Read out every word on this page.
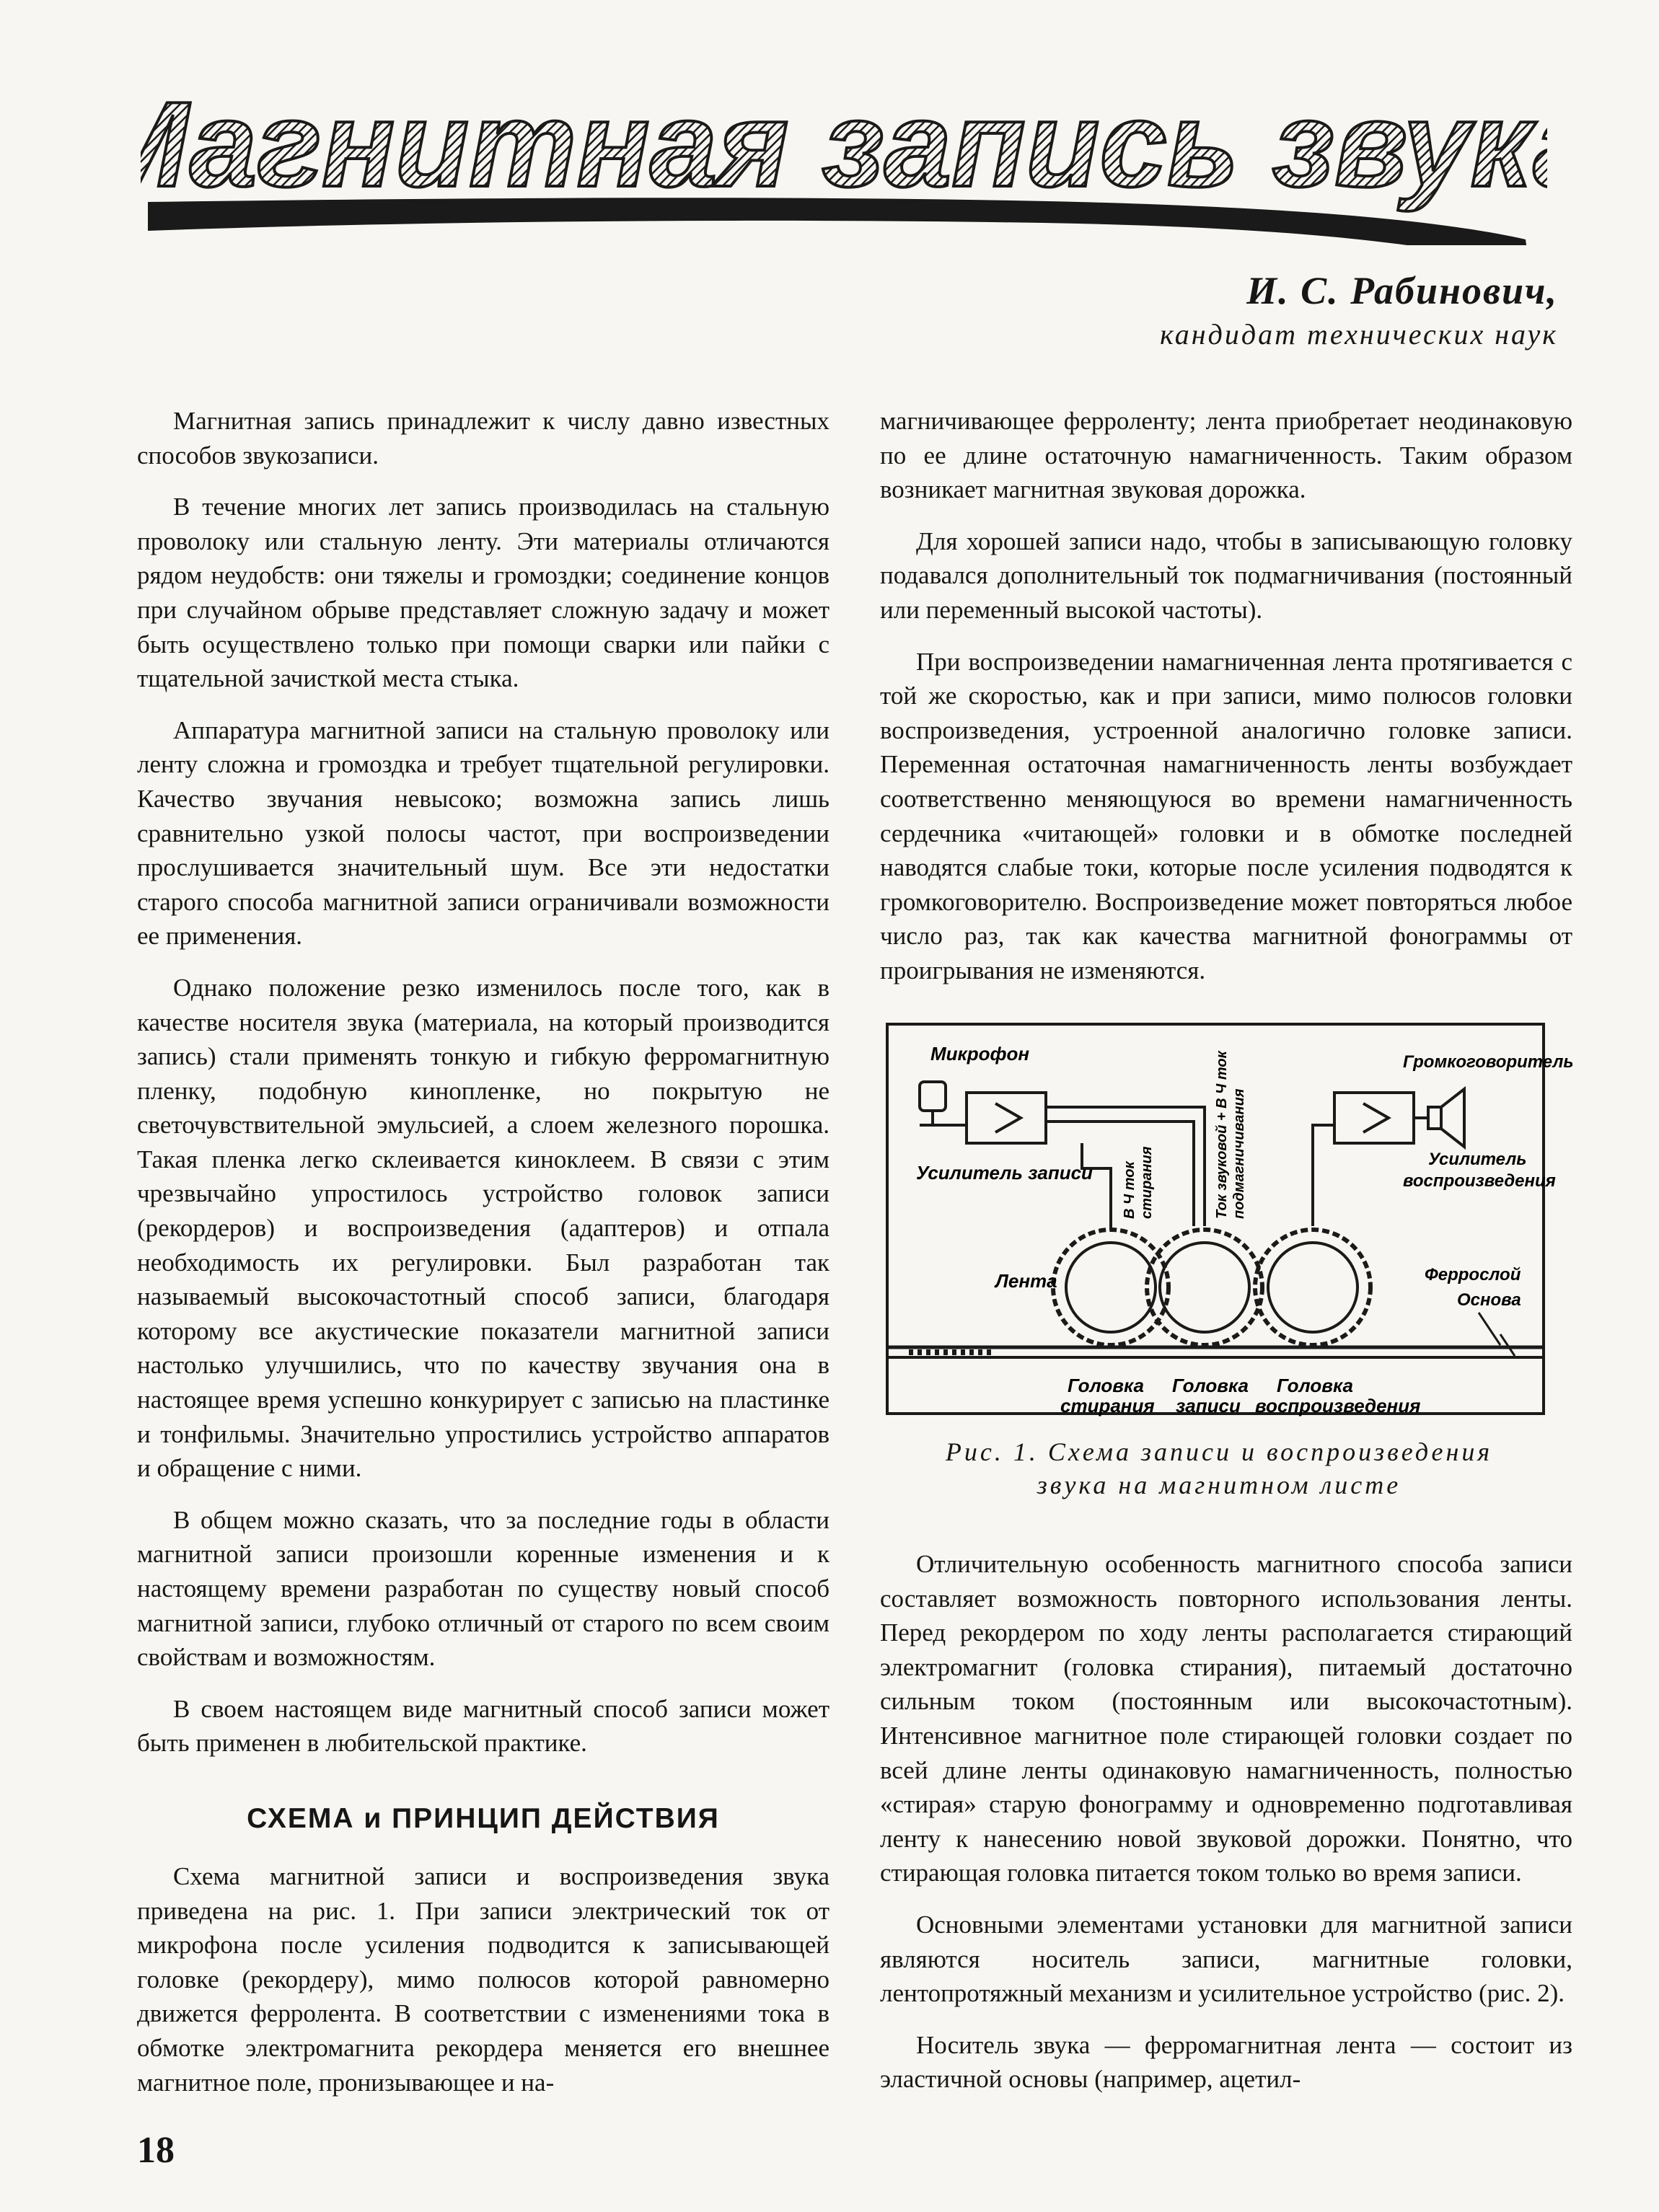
Магнитная запись звука
И. С. Рабинович,
кандидат технических наук

Магнитная запись принадлежит к числу давно известных способов звукозаписи.

В течение многих лет запись производилась на стальную проволоку или стальную ленту. Эти материалы отличаются рядом неудобств: они тяжелы и громоздки; соединение концов при случайном обрыве представляет сложную задачу и может быть осуществлено только при помощи сварки или пайки с тщательной зачисткой места стыка.

Аппаратура магнитной записи на стальную проволоку или ленту сложна и громоздка и требует тщательной регулировки. Качество звучания невысоко; возможна запись лишь сравнительно узкой полосы частот, при воспроизведении прослушивается значительный шум. Все эти недостатки старого способа магнитной записи ограничивали возможности ее применения.

Однако положение резко изменилось после того, как в качестве носителя звука (материала, на который производится запись) стали применять тонкую и гибкую ферромагнитную пленку, подобную кинопленке, но покрытую не светочувствительной эмульсией, а слоем железного порошка. Такая пленка легко склеивается киноклеем. В связи с этим чрезвычайно упростилось устройство головок записи (рекордеров) и воспроизведения (адаптеров) и отпала необходимость их регулировки. Был разработан так называемый высокочастотный способ записи, благодаря которому все акустические показатели магнитной записи настолько улучшились, что по качеству звучания она в настоящее время успешно конкурирует с записью на пластинке и тонфильмы. Значительно упростились устройство аппаратов и обращение с ними.

В общем можно сказать, что за последние годы в области магнитной записи произошли коренные изменения и к настоящему времени разработан по существу новый способ магнитной записи, глубоко отличный от старого по всем своим свойствам и возможностям.

В своем настоящем виде магнитный способ записи может быть применен в любительской практике.

СХЕМА и ПРИНЦИП ДЕЙСТВИЯ

Схема магнитной записи и воспроизведения звука приведена на рис. 1. При записи электрический ток от микрофона после усиления подводится к записывающей головке (рекордеру), мимо полюсов которой равномерно движется ферролента. В соответствии с изменениями тока в обмотке электромагнита рекордера меняется его внешнее магнитное поле, пронизывающее и на-

магничивающее ферроленту; лента приобретает неодинаковую по ее длине остаточную намагниченность. Таким образом возникает магнитная звуковая дорожка.

Для хорошей записи надо, чтобы в записывающую головку подавался дополнительный ток подмагничивания (постоянный или переменный высокой частоты).

При воспроизведении намагниченная лента протягивается с той же скоростью, как и при записи, мимо полюсов головки воспроизведения, устроенной аналогично головке записи. Переменная остаточная намагниченность ленты возбуждает соответственно меняющуюся во времени намагниченность сердечника «читающей» головки и в обмотке последней наводятся слабые токи, которые после усиления подводятся к громкоговорителю. Воспроизведение может повторяться любое число раз, так как качества магнитной фонограммы от проигрывания не изменяются.

Микрофон	Громкоговоритель
Усилитель записи
Усилитель
воспроизведения
В Ч ток стирания	Ток звуковой + В Ч ток подмагничивания
Лента	Феррослой
Основа
Головка
стирания
Головка
записи
Головка
воспроизведения
Рис. 1. Схема записи и воспроизведения
звука на магнитном листе

Отличительную особенность магнитного способа записи составляет возможность повторного использования ленты. Перед рекордером по ходу ленты располагается стирающий электромагнит (головка стирания), питаемый достаточно сильным током (постоянным или высокочастотным). Интенсивное магнитное поле стирающей головки создает по всей длине ленты одинаковую намагниченность, полностью «стирая» старую фонограмму и одновременно подготавливая ленту к нанесению новой звуковой дорожки. Понятно, что стирающая головка питается током только во время записи.

Основными элементами установки для магнитной записи являются носитель записи, магнитные головки, лентопротяжный механизм и усилительное устройство (рис. 2).

Носитель звука — ферромагнитная лента — состоит из эластичной основы (например, ацетил-

18
